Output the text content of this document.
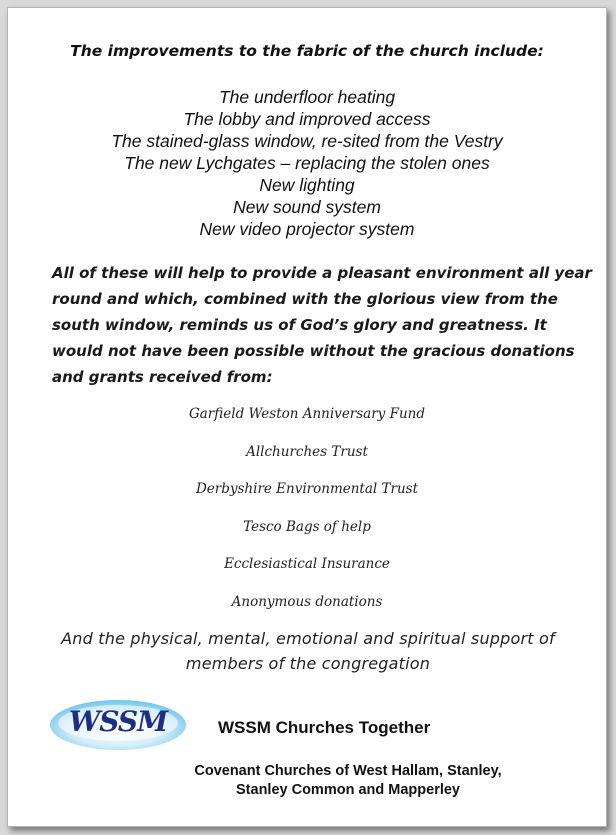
The improvements to the fabric of the church include:
The underfloor heating
The lobby and improved access
The stained-glass window, re-sited from the Vestry
The new Lychgates – replacing the stolen ones
New lighting
New sound system
New video projector system

All of these will help to provide a pleasant environment all year
round and which, combined with the glorious view from the
south window, reminds us of God’s glory and greatness. It
would not have been possible without the gracious donations
and grants received from:

Garfield Weston Anniversary Fund
Allchurches Trust
Derbyshire Environmental Trust
Tesco Bags of help
Ecclesiastical Insurance
Anonymous donations

And the physical, mental, emotional and spiritual support of
members of the congregation

WSSM	WSSM Churches Together

Covenant Churches of West Hallam, Stanley,
Stanley Common and Mapperley
